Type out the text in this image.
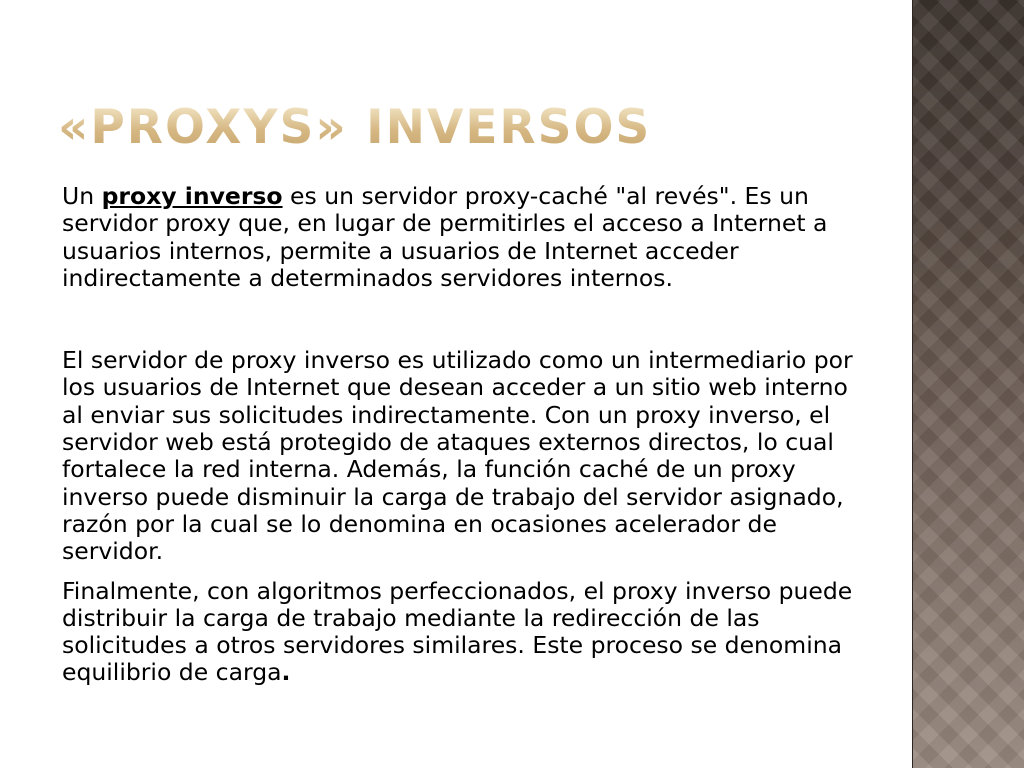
«PROXYS» INVERSOS

Un proxy inverso es un servidor proxy-caché "al revés". Es un servidor proxy que, en lugar de permitirles el acceso a Internet a usuarios internos, permite a usuarios de Internet acceder indirectamente a determinados servidores internos.

El servidor de proxy inverso es utilizado como un intermediario por los usuarios de Internet que desean acceder a un sitio web interno al enviar sus solicitudes indirectamente. Con un proxy inverso, el servidor web está protegido de ataques externos directos, lo cual fortalece la red interna. Además, la función caché de un proxy inverso puede disminuir la carga de trabajo del servidor asignado, razón por la cual se lo denomina en ocasiones acelerador de servidor.

Finalmente, con algoritmos perfeccionados, el proxy inverso puede distribuir la carga de trabajo mediante la redirección de las solicitudes a otros servidores similares. Este proceso se denomina equilibrio de carga.
